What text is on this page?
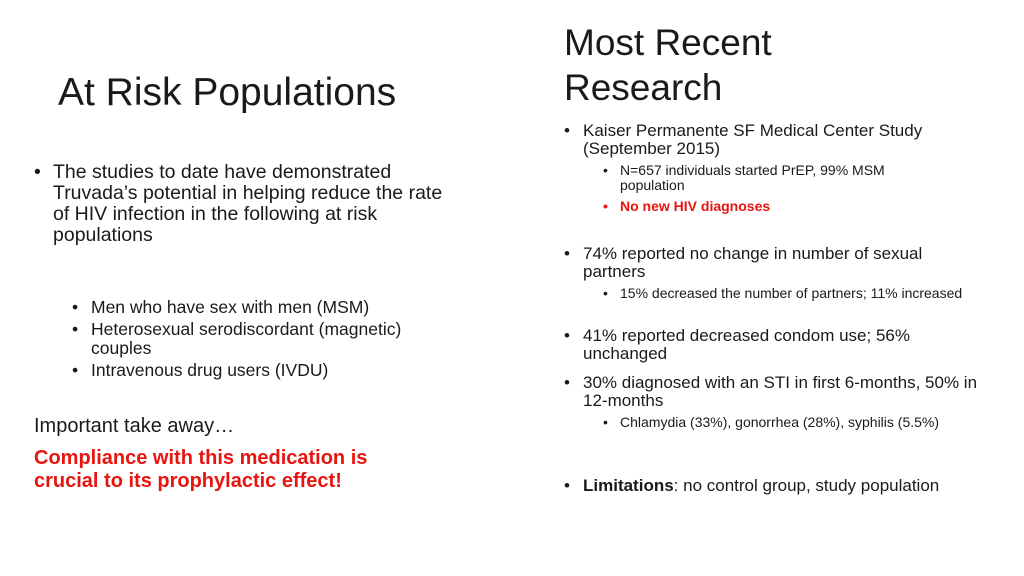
At Risk Populations
• The studies to date have demonstrated Truvada’s potential in helping reduce the rate of HIV infection in the following at risk populations
• Men who have sex with men (MSM)
• Heterosexual serodiscordant (magnetic) couples
• Intravenous drug users (IVDU)
Important take away…
Compliance with this medication is crucial to its prophylactic effect!
Most Recent Research
• Kaiser Permanente SF Medical Center Study (September 2015)
• N=657 individuals started PrEP, 99% MSM population
• No new HIV diagnoses
• 74% reported no change in number of sexual partners
• 15% decreased the number of partners; 11% increased
• 41% reported decreased condom use; 56% unchanged
• 30% diagnosed with an STI in first 6-months, 50% in 12-months
• Chlamydia (33%), gonorrhea (28%), syphilis (5.5%)
• Limitations: no control group, study population
